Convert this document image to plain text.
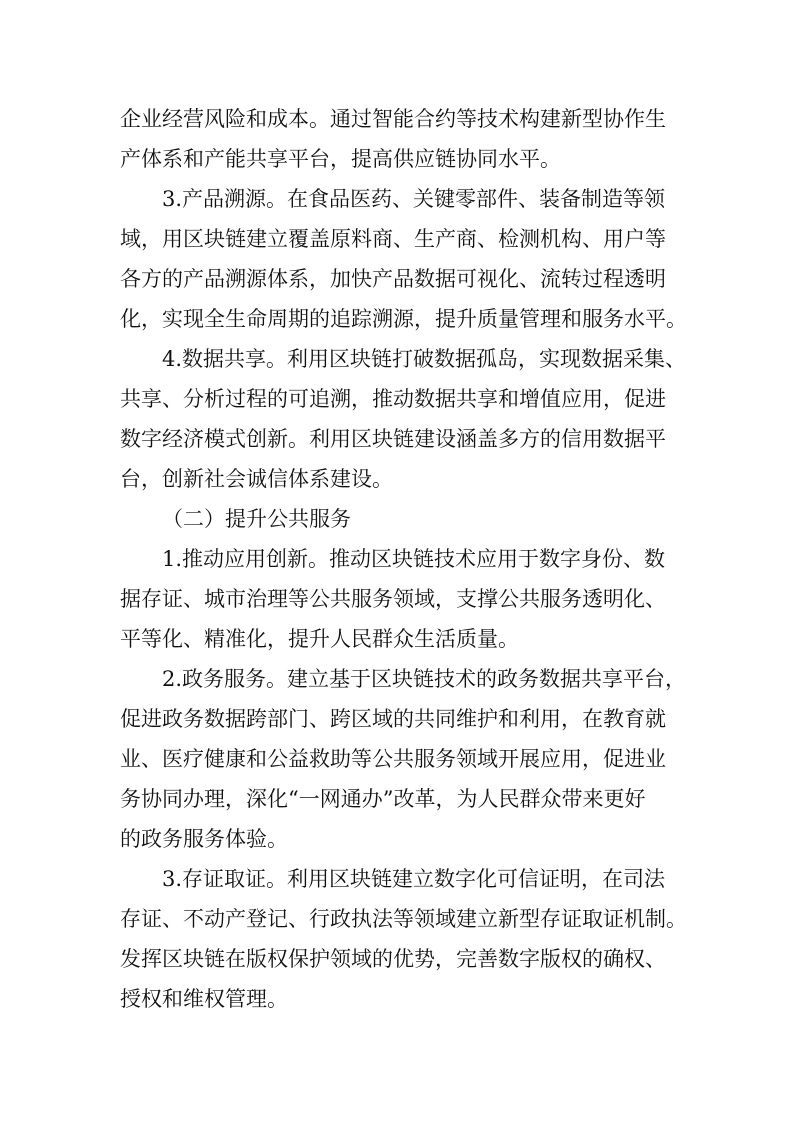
企业经营风险和成本。通过智能合约等技术构建新型协作生
产体系和产能共享平台，提高供应链协同水平。
3.产品溯源。在食品医药、关键零部件、装备制造等领
域，用区块链建立覆盖原料商、生产商、检测机构、用户等
各方的产品溯源体系，加快产品数据可视化、流转过程透明
化，实现全生命周期的追踪溯源，提升质量管理和服务水平。
4.数据共享。利用区块链打破数据孤岛，实现数据采集、
共享、分析过程的可追溯，推动数据共享和增值应用，促进
数字经济模式创新。利用区块链建设涵盖多方的信用数据平
台，创新社会诚信体系建设。
（二）提升公共服务
1.推动应用创新。推动区块链技术应用于数字身份、数
据存证、城市治理等公共服务领域，支撑公共服务透明化、
平等化、精准化，提升人民群众生活质量。
2.政务服务。建立基于区块链技术的政务数据共享平台，
促进政务数据跨部门、跨区域的共同维护和利用，在教育就
业、医疗健康和公益救助等公共服务领域开展应用，促进业
务协同办理，深化“一网通办”改革，为人民群众带来更好
的政务服务体验。
3.存证取证。利用区块链建立数字化可信证明，在司法
存证、不动产登记、行政执法等领域建立新型存证取证机制。
发挥区块链在版权保护领域的优势，完善数字版权的确权、
授权和维权管理。
